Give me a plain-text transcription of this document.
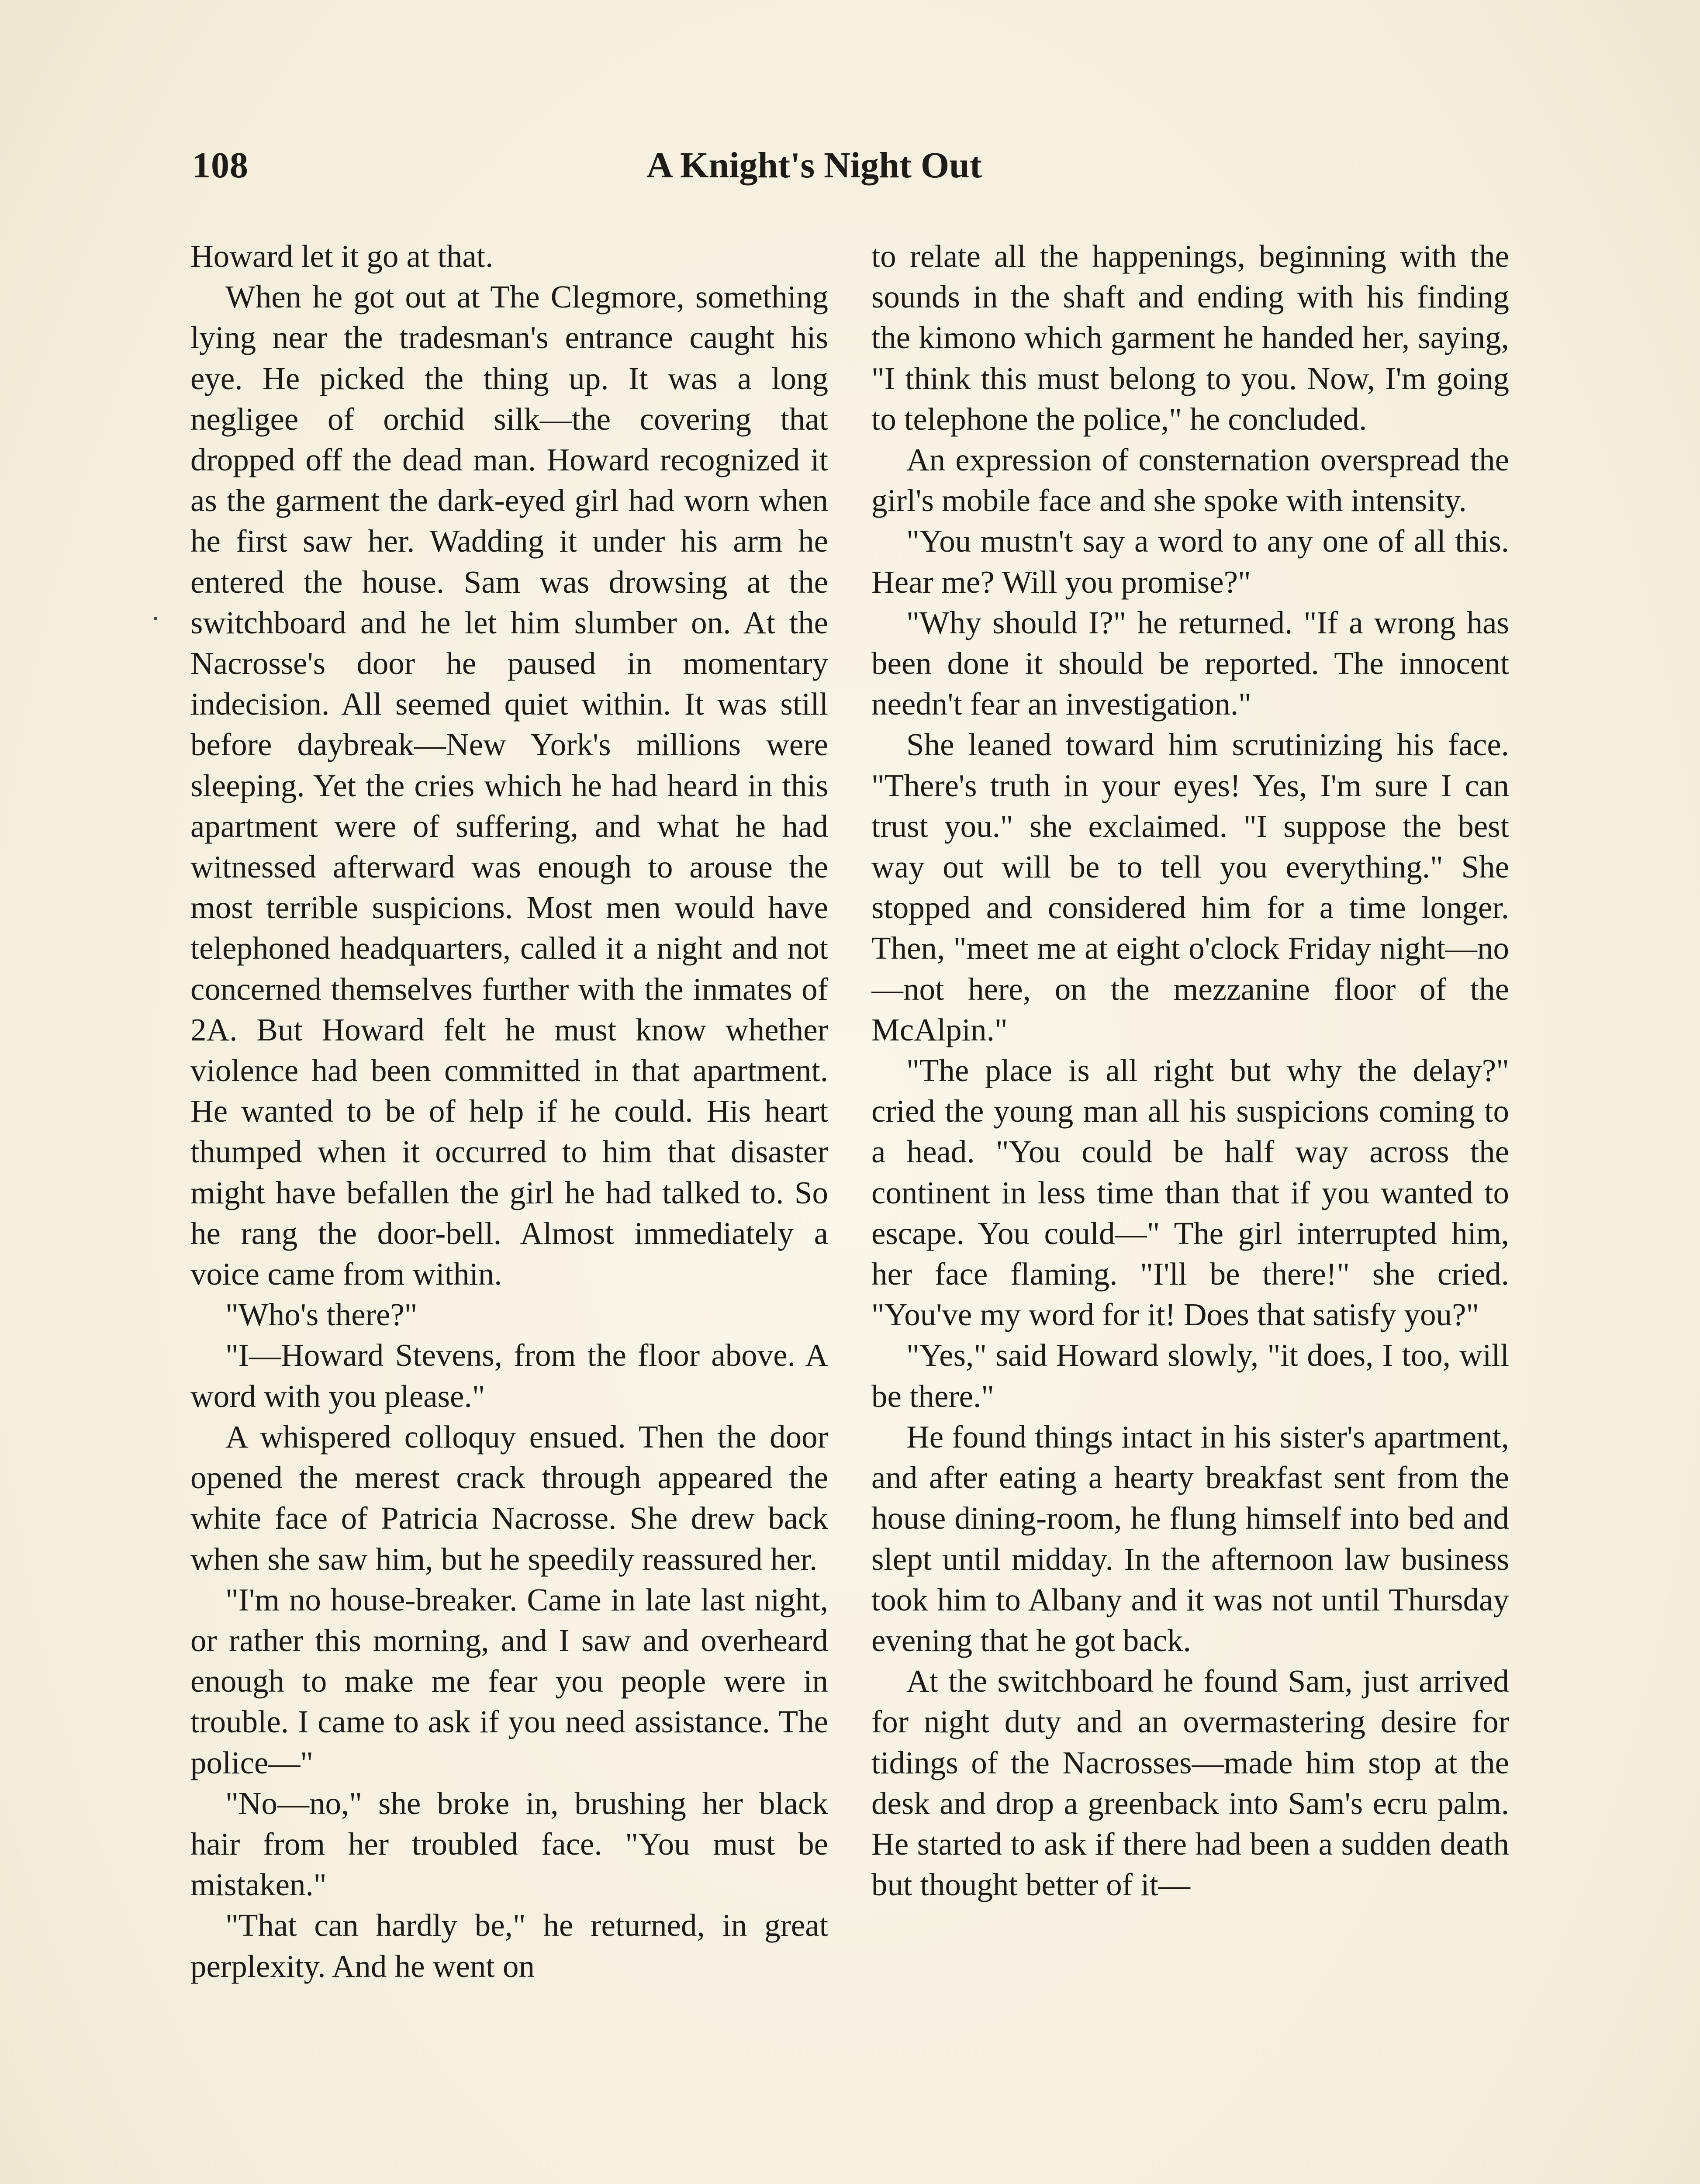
108	A Knight's Night Out

Howard let it go at that.

When he got out at The Clegmore, something lying near the tradesman's entrance caught his eye. He picked the thing up. It was a long negligee of orchid silk—the covering that dropped off the dead man. Howard recognized it as the garment the dark-eyed girl had worn when he first saw her. Wadding it under his arm he entered the house. Sam was drowsing at the switchboard and he let him slumber on. At the Nacrosse's door he paused in momentary indecision. All seemed quiet within. It was still before daybreak—New York's millions were sleeping. Yet the cries which he had heard in this apartment were of suffering, and what he had witnessed afterward was enough to arouse the most terrible suspicions. Most men would have telephoned headquarters, called it a night and not concerned themselves further with the inmates of 2A. But Howard felt he must know whether violence had been committed in that apartment. He wanted to be of help if he could. His heart thumped when it occurred to him that disaster might have befallen the girl he had talked to. So he rang the door-bell. Almost immediately a voice came from within.

"Who's there?"

"I—Howard Stevens, from the floor above. A word with you please."

A whispered colloquy ensued. Then the door opened the merest crack through appeared the white face of Patricia Nacrosse. She drew back when she saw him, but he speedily reassured her.

"I'm no house-breaker. Came in late last night, or rather this morning, and I saw and overheard enough to make me fear you people were in trouble. I came to ask if you need assistance. The police—"

"No—no," she broke in, brushing her black hair from her troubled face. "You must be mistaken."

"That can hardly be," he returned, in great perplexity. And he went on

to relate all the happenings, beginning with the sounds in the shaft and ending with his finding the kimono which garment he handed her, saying, "I think this must belong to you. Now, I'm going to telephone the police," he concluded.

An expression of consternation overspread the girl's mobile face and she spoke with intensity.

"You mustn't say a word to any one of all this. Hear me? Will you promise?"

"Why should I?" he returned. "If a wrong has been done it should be reported. The innocent needn't fear an investigation."

She leaned toward him scrutinizing his face. "There's truth in your eyes! Yes, I'm sure I can trust you." she exclaimed. "I suppose the best way out will be to tell you everything." She stopped and considered him for a time longer. Then, "meet me at eight o'clock Friday night—no—not here, on the mezzanine floor of the McAlpin."

"The place is all right but why the delay?" cried the young man all his suspicions coming to a head. "You could be half way across the continent in less time than that if you wanted to escape. You could—" The girl interrupted him, her face flaming. "I'll be there!" she cried. "You've my word for it! Does that satisfy you?"

"Yes," said Howard slowly, "it does, I too, will be there."

He found things intact in his sister's apartment, and after eating a hearty breakfast sent from the house dining-room, he flung himself into bed and slept until midday. In the afternoon law business took him to Albany and it was not until Thursday evening that he got back.

At the switchboard he found Sam, just arrived for night duty and an overmastering desire for tidings of the Nacrosses—made him stop at the desk and drop a greenback into Sam's ecru palm. He started to ask if there had been a sudden death but thought better of it—
